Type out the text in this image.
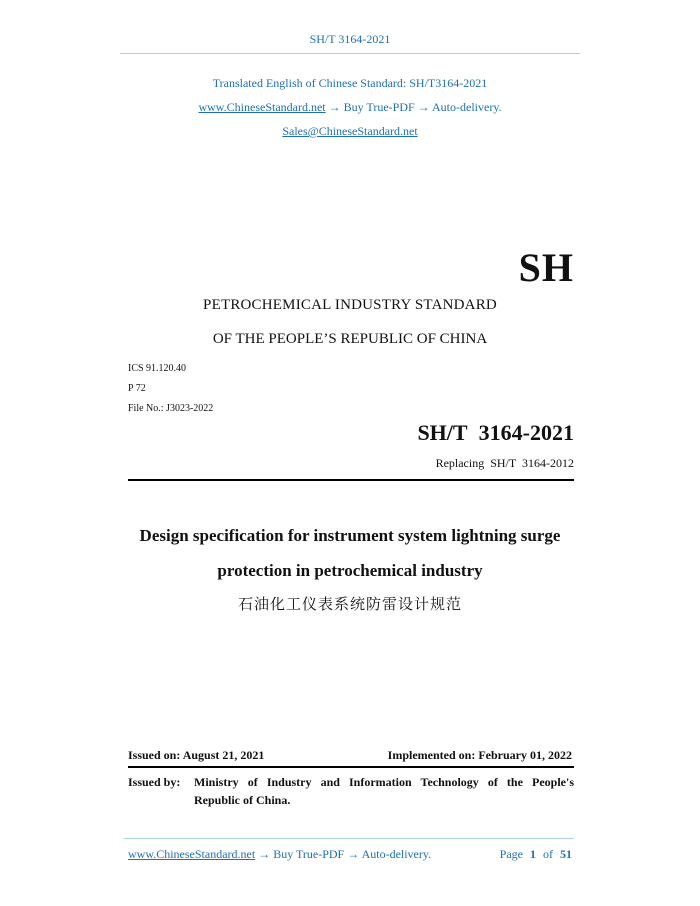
SH/T 3164-2021
Translated English of Chinese Standard: SH/T3164-2021
www.ChineseStandard.net → Buy True-PDF → Auto-delivery.
Sales@ChineseStandard.net
SH
PETROCHEMICAL INDUSTRY STANDARD
OF THE PEOPLE’S REPUBLIC OF CHINA
ICS 91.120.40
P 72
File No.: J3023-2022
SH/T 3164-2021
Replacing SH/T 3164-2012
Design specification for instrument system lightning surge
protection in petrochemical industry
石油化工仪表系统防雷设计规范
Issued on: August 21, 2021	Implemented on: February 01, 2022
Issued by: Ministry of Industry and Information Technology of the People's
Republic of China.
www.ChineseStandard.net → Buy True-PDF → Auto-delivery.	Page 1 of 51
